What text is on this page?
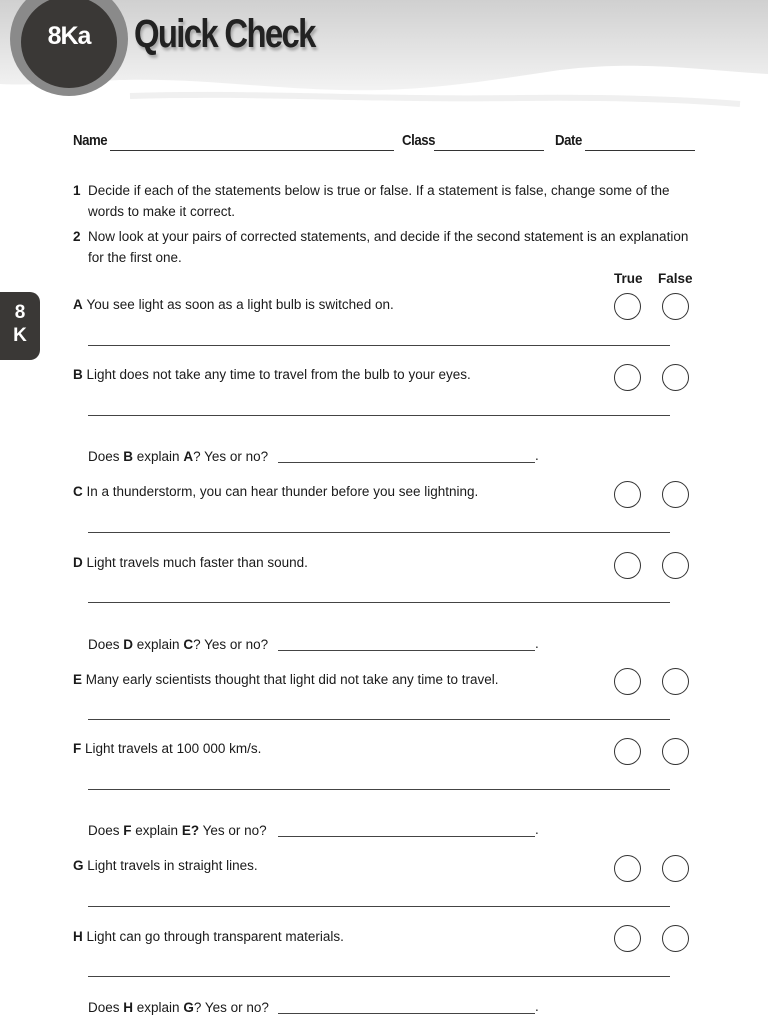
8Ka	Quick Check
8
K
Name	Class	Date
1 Decide if each of the statements below is true or false. If a statement is false, change some of the words to make it correct.
2 Now look at your pairs of corrected statements, and decide if the second statement is an explanation for the first one.
True False
A You see light as soon as a light bulb is switched on.
B Light does not take any time to travel from the bulb to your eyes.
Does B explain A? Yes or no?	.
C In a thunderstorm, you can hear thunder before you see lightning.
D Light travels much faster than sound.
Does D explain C? Yes or no?	.
E Many early scientists thought that light did not take any time to travel.
F Light travels at 100 000 km/s.
Does F explain E? Yes or no?	.
G Light travels in straight lines.
H Light can go through transparent materials.
Does H explain G? Yes or no?	.
